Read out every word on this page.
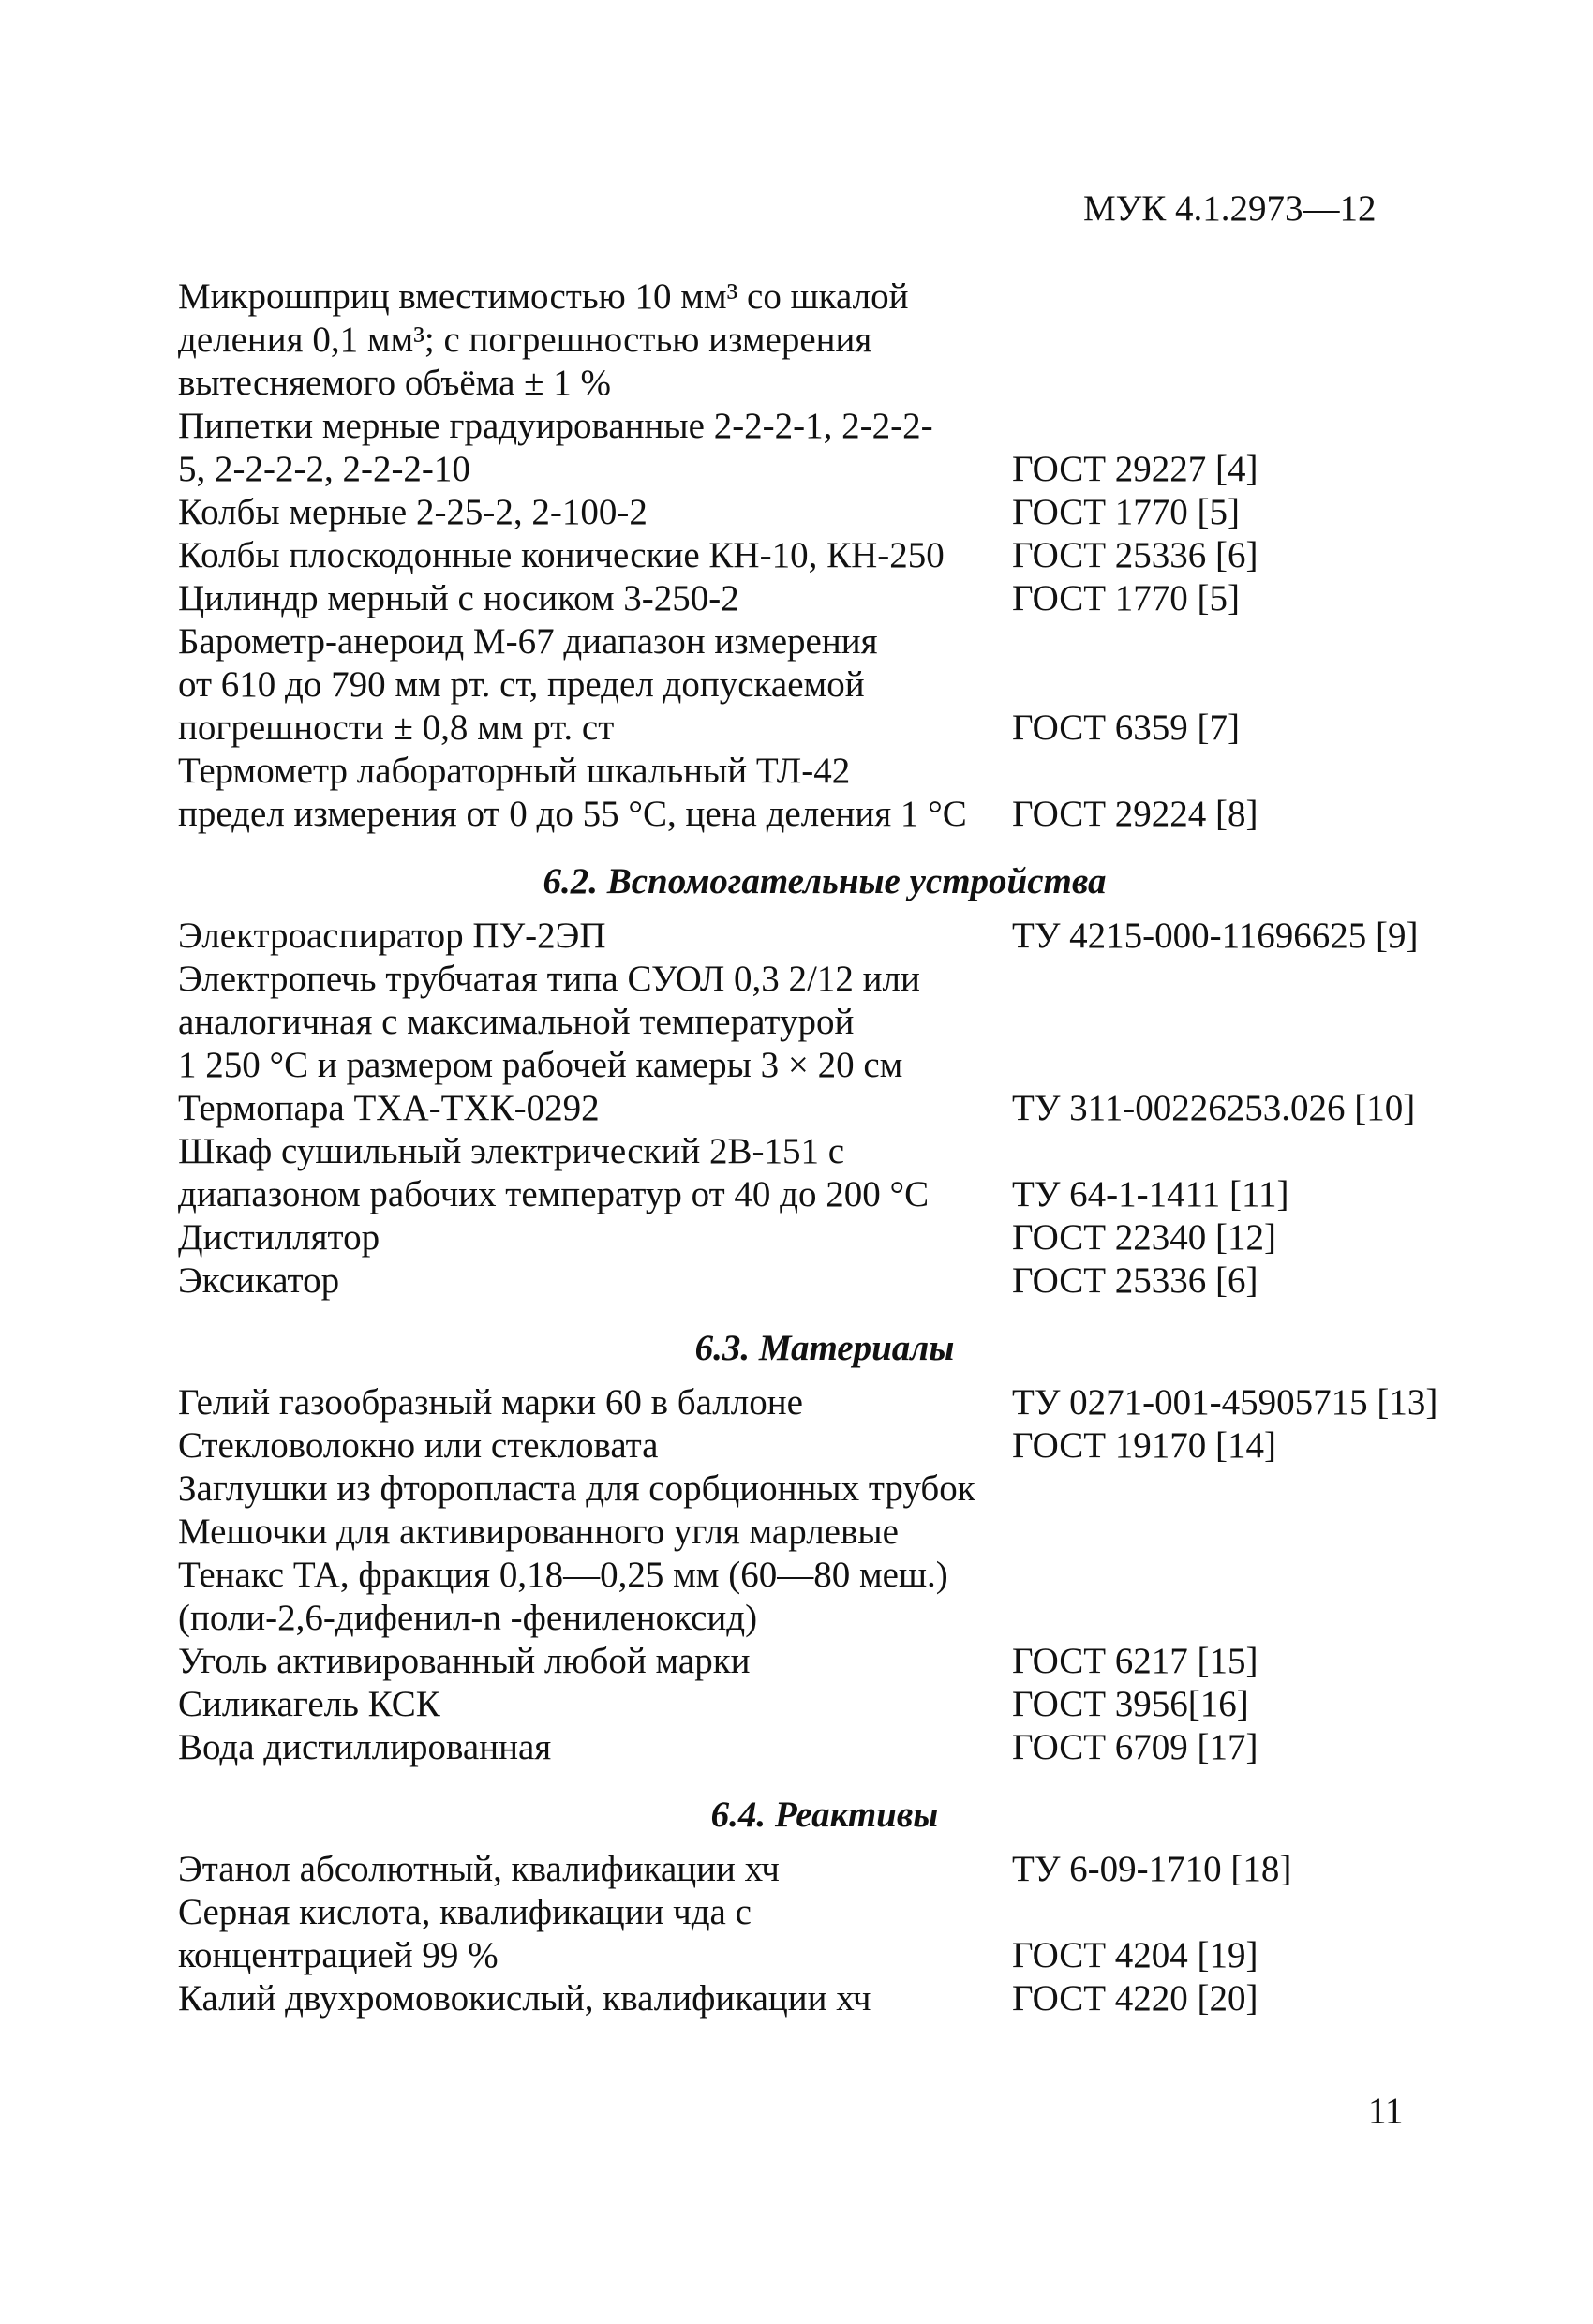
МУК 4.1.2973—12
Микрошприц вместимостью 10 мм³ со шкалой
деления 0,1 мм³; с погрешностью измерения
вытесняемого объёма ± 1 %
Пипетки мерные градуированные 2-2-2-1, 2-2-2-
5, 2-2-2-2, 2-2-2-10	ГОСТ 29227 [4]
Колбы мерные 2-25-2, 2-100-2	ГОСТ 1770 [5]
Колбы плоскодонные конические КН-10, КН-250	ГОСТ 25336 [6]
Цилиндр мерный с носиком 3-250-2	ГОСТ 1770 [5]
Барометр-анероид М-67 диапазон измерения
от 610 до 790 мм рт. ст, предел допускаемой
погрешности ± 0,8 мм рт. ст	ГОСТ 6359 [7]
Термометр лабораторный шкальный ТЛ-42
предел измерения от 0 до 55 °С, цена деления 1 °С	ГОСТ 29224 [8]
6.2. Вспомогательные устройства
Электроаспиратор ПУ-2ЭП	ТУ 4215-000-11696625 [9]
Электропечь трубчатая типа СУОЛ 0,3 2/12 или
аналогичная с максимальной температурой
1 250 °С и размером рабочей камеры 3 × 20 см
Термопара ТХА-ТХК-0292	ТУ 311-00226253.026 [10]
Шкаф сушильный электрический 2В-151 с
диапазоном рабочих температур от 40 до 200 °С	ТУ 64-1-1411 [11]
Дистиллятор	ГОСТ 22340 [12]
Эксикатор	ГОСТ 25336 [6]
6.3. Материалы
Гелий газообразный марки 60 в баллоне	ТУ 0271-001-45905715 [13]
Стекловолокно или стекловата	ГОСТ 19170 [14]
Заглушки из фторопласта для сорбционных трубок
Мешочки для активированного угля марлевые
Тенакс ТА, фракция 0,18—0,25 мм (60—80 меш.)
(поли-2,6-дифенил-n -фениленоксид)
Уголь активированный любой марки	ГОСТ 6217 [15]
Силикагель КСК	ГОСТ 3956[16]
Вода дистиллированная	ГОСТ 6709 [17]
6.4. Реактивы
Этанол абсолютный, квалификации хч	ТУ 6-09-1710 [18]
Серная кислота, квалификации чда с
концентрацией 99 %	ГОСТ 4204 [19]
Калий двухромовокислый, квалификации хч	ГОСТ 4220 [20]
11
